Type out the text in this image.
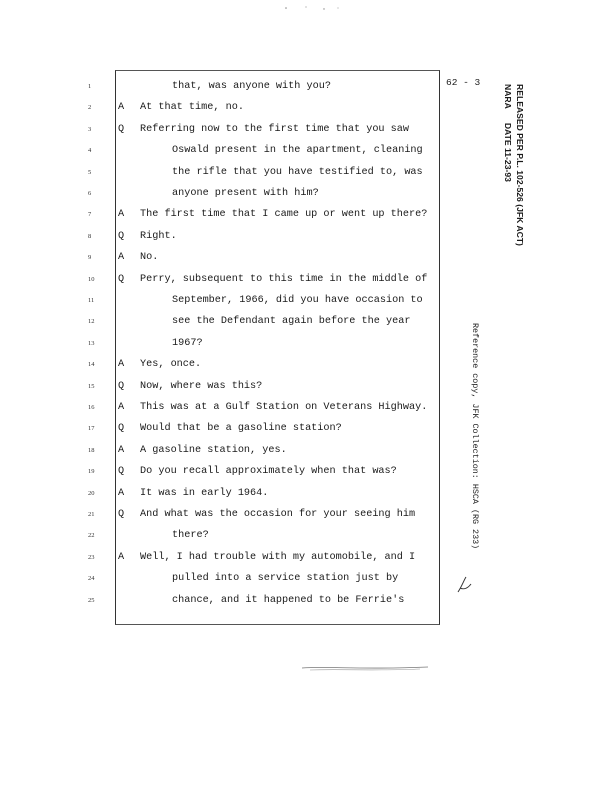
62 - 3
RELEASED PER P.L. 102-526 (JFK ACT)
NARA      DATE 11-23-93
Reference copy, JFK Collection: HSCA (RG 233)
1	that, was anyone with you?
2	A At that time, no.
3	Q Referring now to the first time that you saw
4	Oswald present in the apartment, cleaning
5	the rifle that you have testified to, was
6	anyone present with him?
7	A The first time that I came up or went up there?
8	Q Right.
9	A No.
10	Q Perry, subsequent to this time in the middle of
11	September, 1966, did you have occasion to
12	see the Defendant again before the year
13	1967?
14	A Yes, once.
15	Q Now, where was this?
16	A This was at a Gulf Station on Veterans Highway.
17	Q Would that be a gasoline station?
18	A A gasoline station, yes.
19	Q Do you recall approximately when that was?
20	A It was in early 1964.
21	Q And what was the occasion for your seeing him
22	there?
23	A Well, I had trouble with my automobile, and I
24	pulled into a service station just by
25	chance, and it happened to be Ferrie's
